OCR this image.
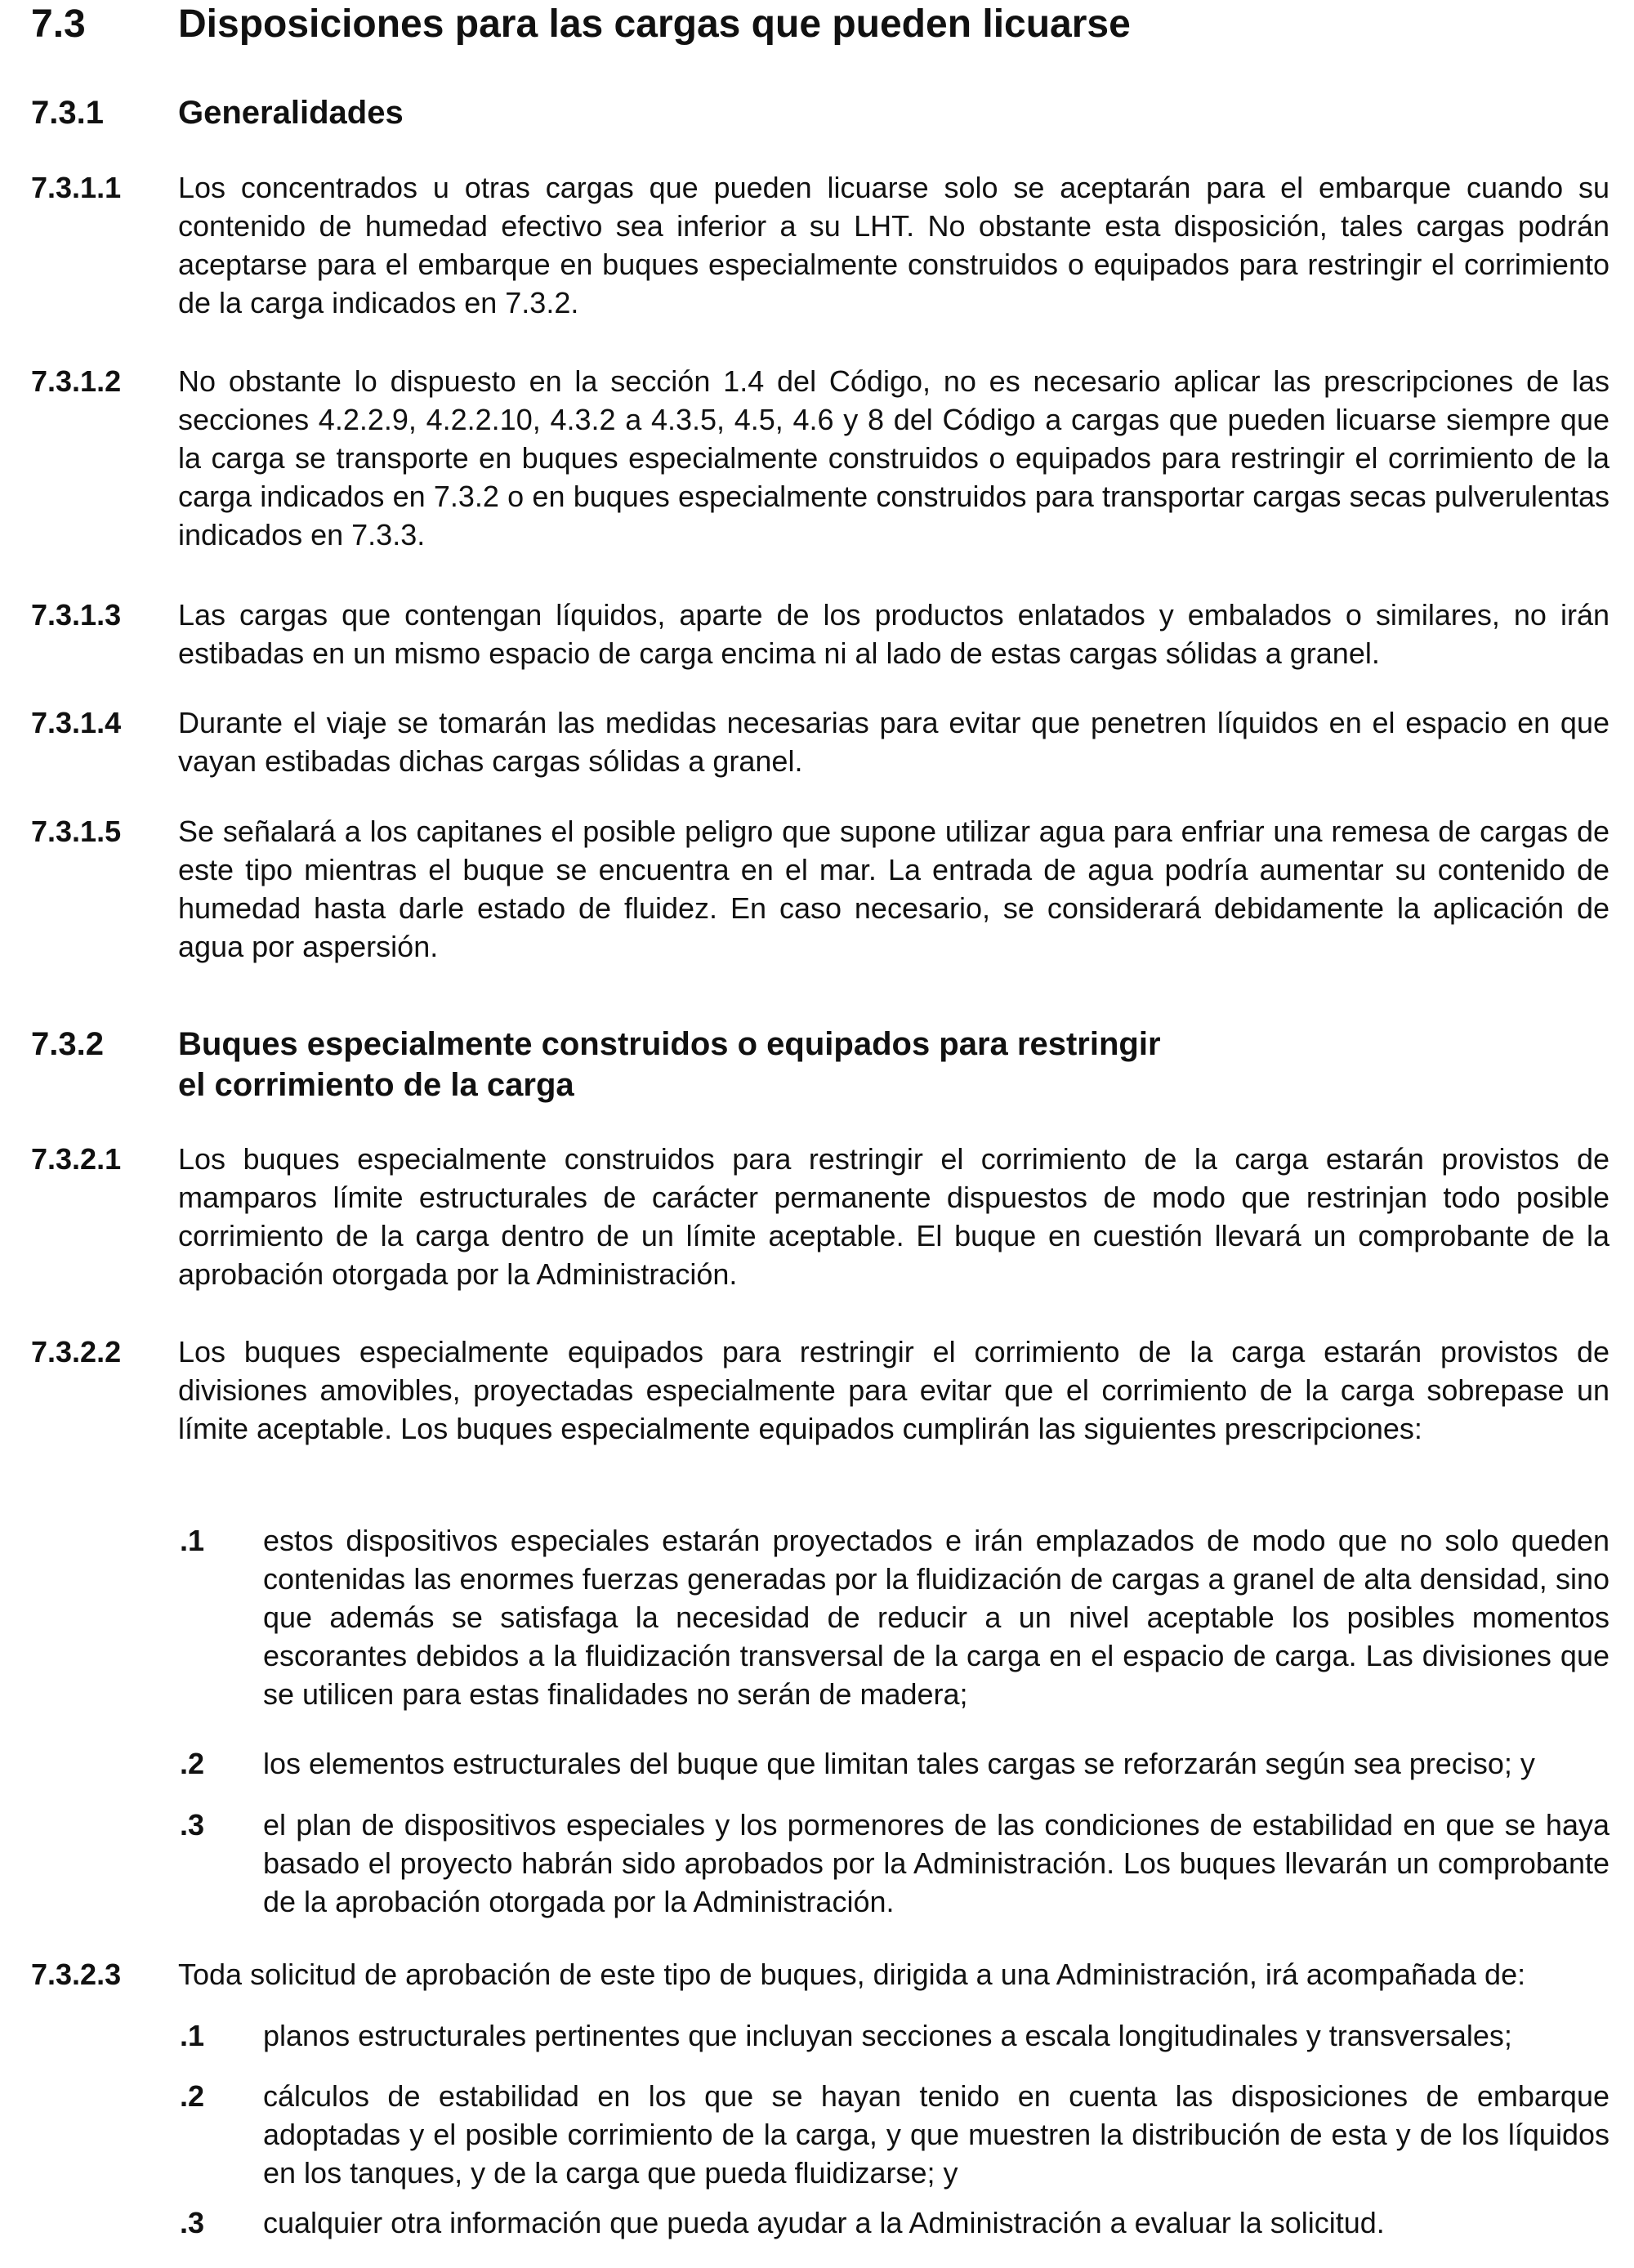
7.3	Disposiciones para las cargas que pueden licuarse
7.3.1	Generalidades
7.3.1.1	Los concentrados u otras cargas que pueden licuarse solo se aceptarán para el embarque cuando su contenido de humedad efectivo sea inferior a su LHT. No obstante esta disposición, tales cargas podrán aceptarse para el embarque en buques especialmente construidos o equipados para restringir el corrimiento de la carga indicados en 7.3.2.
7.3.1.2	No obstante lo dispuesto en la sección 1.4 del Código, no es necesario aplicar las prescripciones de las secciones 4.2.2.9, 4.2.2.10, 4.3.2 a 4.3.5, 4.5, 4.6 y 8 del Código a cargas que pueden licuarse siempre que la carga se transporte en buques especialmente construidos o equipados para restringir el corrimiento de la carga indicados en 7.3.2 o en buques especialmente construidos para transportar cargas secas pulverulentas indicados en 7.3.3.
7.3.1.3	Las cargas que contengan líquidos, aparte de los productos enlatados y embalados o similares, no irán estibadas en un mismo espacio de carga encima ni al lado de estas cargas sólidas a granel.
7.3.1.4	Durante el viaje se tomarán las medidas necesarias para evitar que penetren líquidos en el espacio en que vayan estibadas dichas cargas sólidas a granel.
7.3.1.5	Se señalará a los capitanes el posible peligro que supone utilizar agua para enfriar una remesa de cargas de este tipo mientras el buque se encuentra en el mar. La entrada de agua podría aumentar su contenido de humedad hasta darle estado de fluidez. En caso necesario, se considerará debidamente la aplicación de agua por aspersión.
7.3.2	Buques especialmente construidos o equipados para restringir
el corrimiento de la carga
7.3.2.1	Los buques especialmente construidos para restringir el corrimiento de la carga estarán provistos de mamparos límite estructurales de carácter permanente dispuestos de modo que restrinjan todo posible corrimiento de la carga dentro de un límite aceptable. El buque en cuestión llevará un comprobante de la aprobación otorgada por la Administración.
7.3.2.2	Los buques especialmente equipados para restringir el corrimiento de la carga estarán provistos de divisiones amovibles, proyectadas especialmente para evitar que el corrimiento de la carga sobrepase un límite aceptable. Los buques especialmente equipados cumplirán las siguientes prescripciones:
.1	estos dispositivos especiales estarán proyectados e irán emplazados de modo que no solo queden contenidas las enormes fuerzas generadas por la fluidización de cargas a granel de alta densidad, sino que además se satisfaga la necesidad de reducir a un nivel aceptable los posibles momentos escorantes debidos a la fluidización transversal de la carga en el espacio de carga. Las divisiones que se utilicen para estas finalidades no serán de madera;
.2	los elementos estructurales del buque que limitan tales cargas se reforzarán según sea preciso; y
.3	el plan de dispositivos especiales y los pormenores de las condiciones de estabilidad en que se haya basado el proyecto habrán sido aprobados por la Administración. Los buques llevarán un comprobante de la aprobación otorgada por la Administración.
7.3.2.3	Toda solicitud de aprobación de este tipo de buques, dirigida a una Administración, irá acompañada de:
.1	planos estructurales pertinentes que incluyan secciones a escala longitudinales y transversales;
.2	cálculos de estabilidad en los que se hayan tenido en cuenta las disposiciones de embarque adoptadas y el posible corrimiento de la carga, y que muestren la distribución de esta y de los líquidos en los tanques, y de la carga que pueda fluidizarse; y
.3	cualquier otra información que pueda ayudar a la Administración a evaluar la solicitud.
